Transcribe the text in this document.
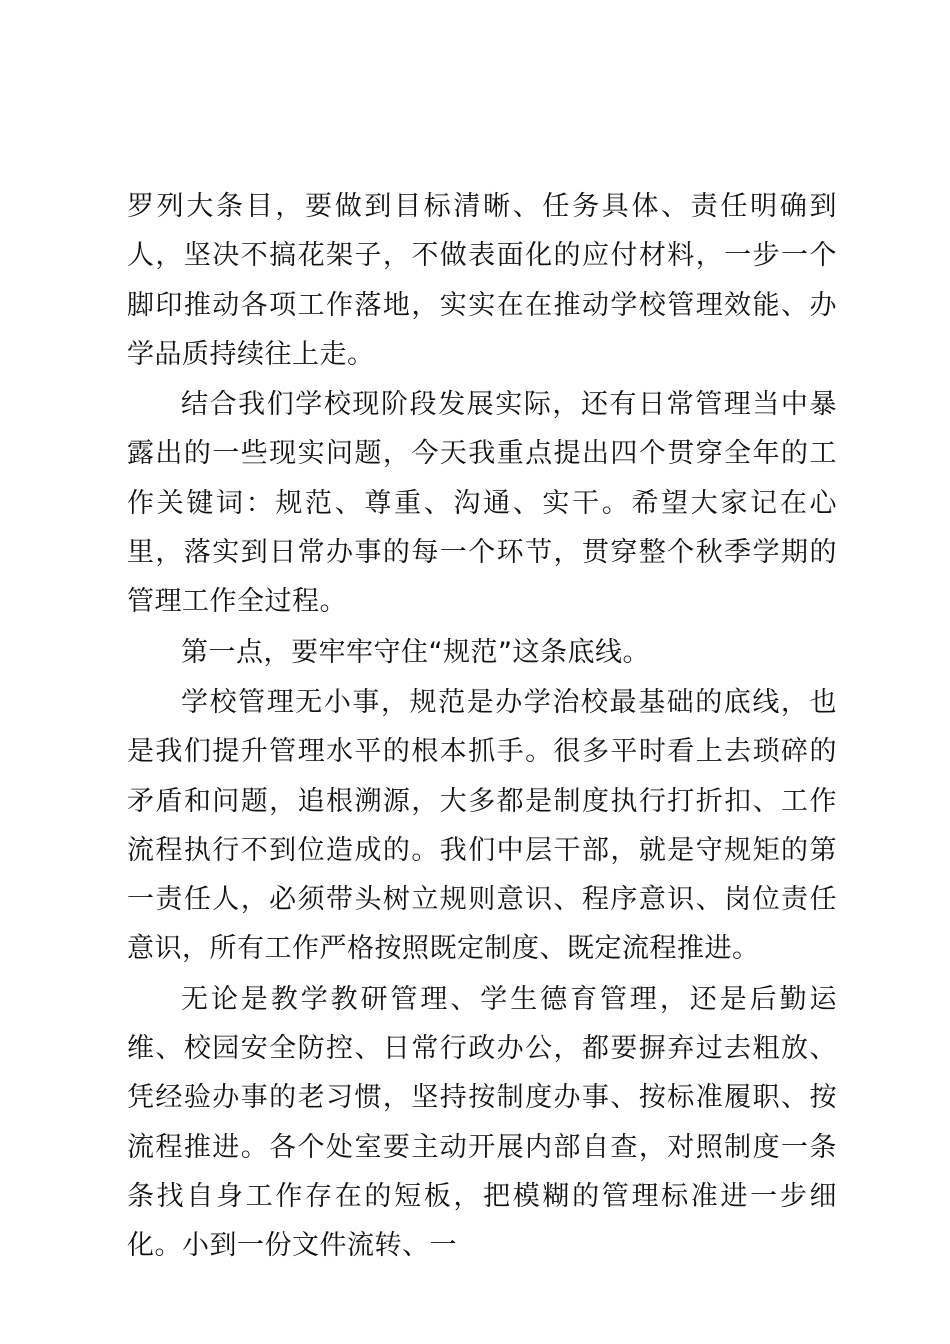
罗列大条目，要做到目标清晰、任务具体、责任明确到人，坚决不搞花架子，不做表面化的应付材料，一步一个脚印推动各项工作落地，实实在在推动学校管理效能、办学品质持续往上走。

结合我们学校现阶段发展实际，还有日常管理当中暴露出的一些现实问题，今天我重点提出四个贯穿全年的工作关键词：规范、尊重、沟通、实干。希望大家记在心里，落实到日常办事的每一个环节，贯穿整个秋季学期的管理工作全过程。

第一点，要牢牢守住“规范”这条底线。

学校管理无小事，规范是办学治校最基础的底线，也是我们提升管理水平的根本抓手。很多平时看上去琐碎的矛盾和问题，追根溯源，大多都是制度执行打折扣、工作流程执行不到位造成的。我们中层干部，就是守规矩的第一责任人，必须带头树立规则意识、程序意识、岗位责任意识，所有工作严格按照既定制度、既定流程推进。

无论是教学教研管理、学生德育管理，还是后勤运维、校园安全防控、日常行政办公，都要摒弃过去粗放、凭经验办事的老习惯，坚持按制度办事、按标准履职、按流程推进。各个处室要主动开展内部自查，对照制度一条条找自身工作存在的短板，把模糊的管理标准进一步细化。小到一份文件流转、一
